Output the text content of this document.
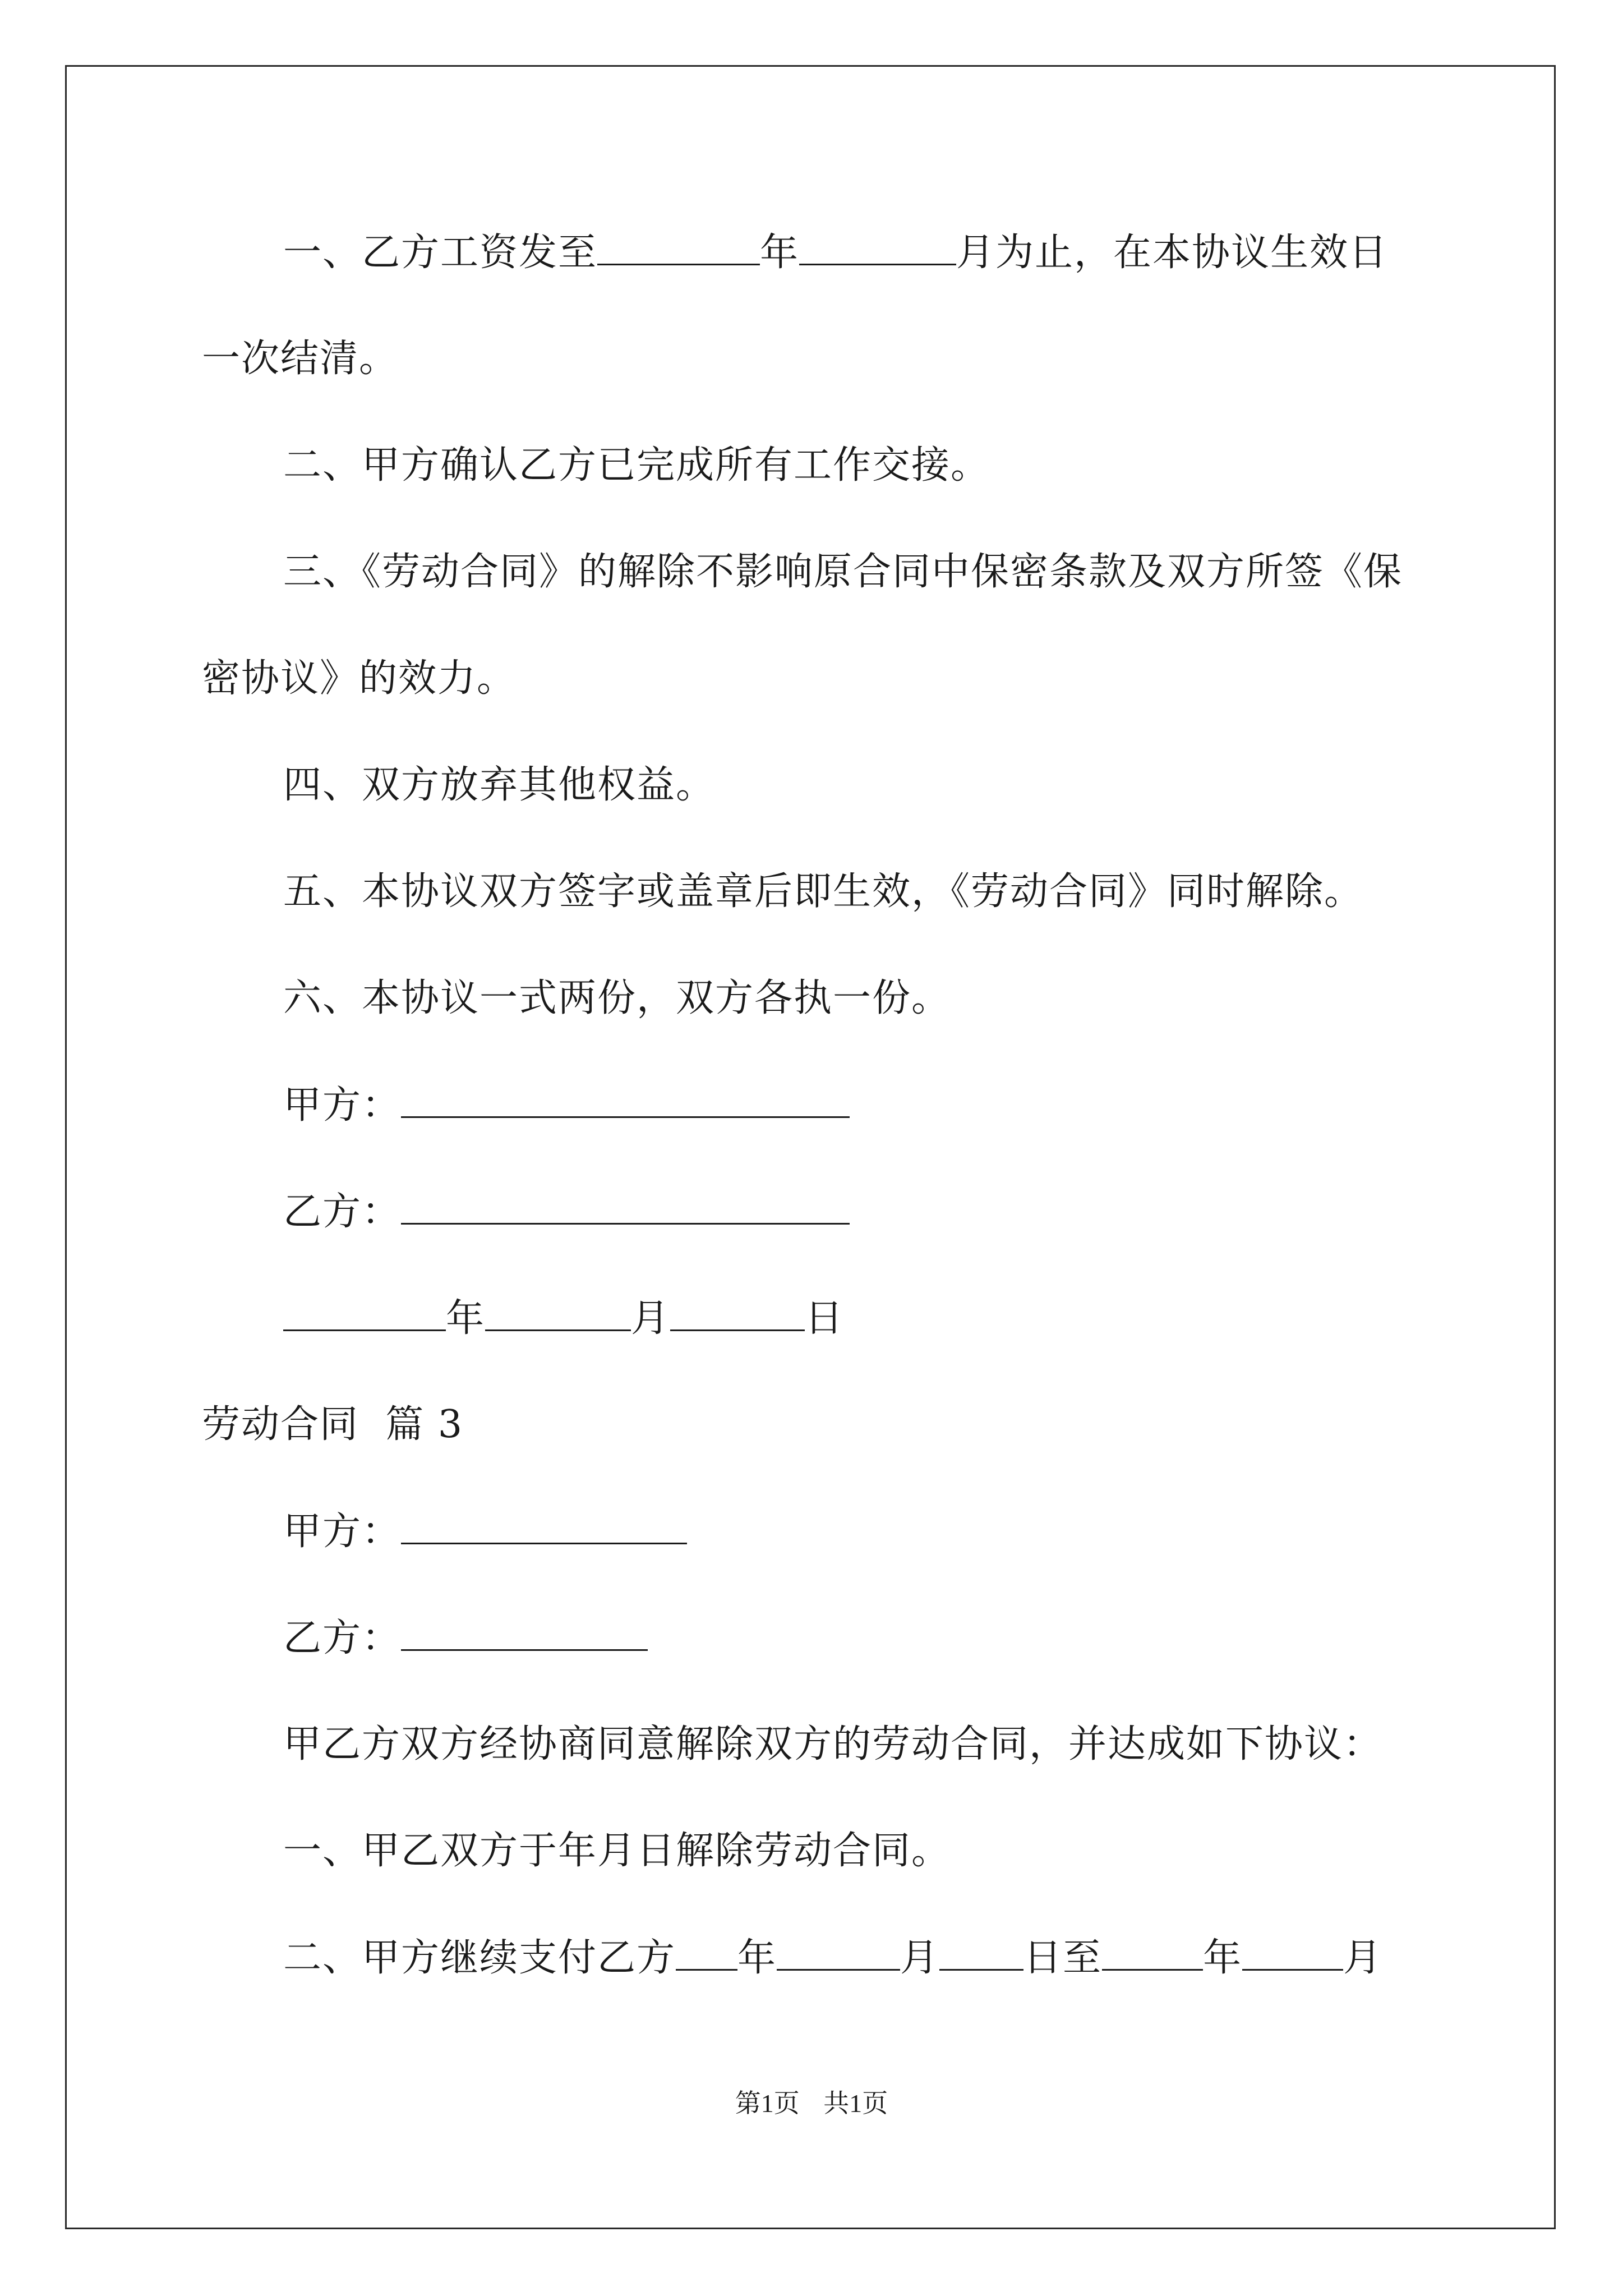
一、乙方工资发至	年	月为止，在本协议生效日
一次结清。
二、甲方确认乙方已完成所有工作交接。
三、《劳动合同》的解除不影响原合同中保密条款及双方所签《保
密协议》的效力。
四、双方放弃其他权益。
五、本协议双方签字或盖章后即生效，《劳动合同》同时解除。
六、本协议一式两份，双方各执一份。
甲方：
乙方：
年	月	日
劳动合同  篇 3
甲方：
乙方：
甲乙方双方经协商同意解除双方的劳动合同，并达成如下协议：
一、甲乙双方于年月日解除劳动合同。
二、甲方继续支付乙方 年	月 日至	年	月
第1页 共1页
